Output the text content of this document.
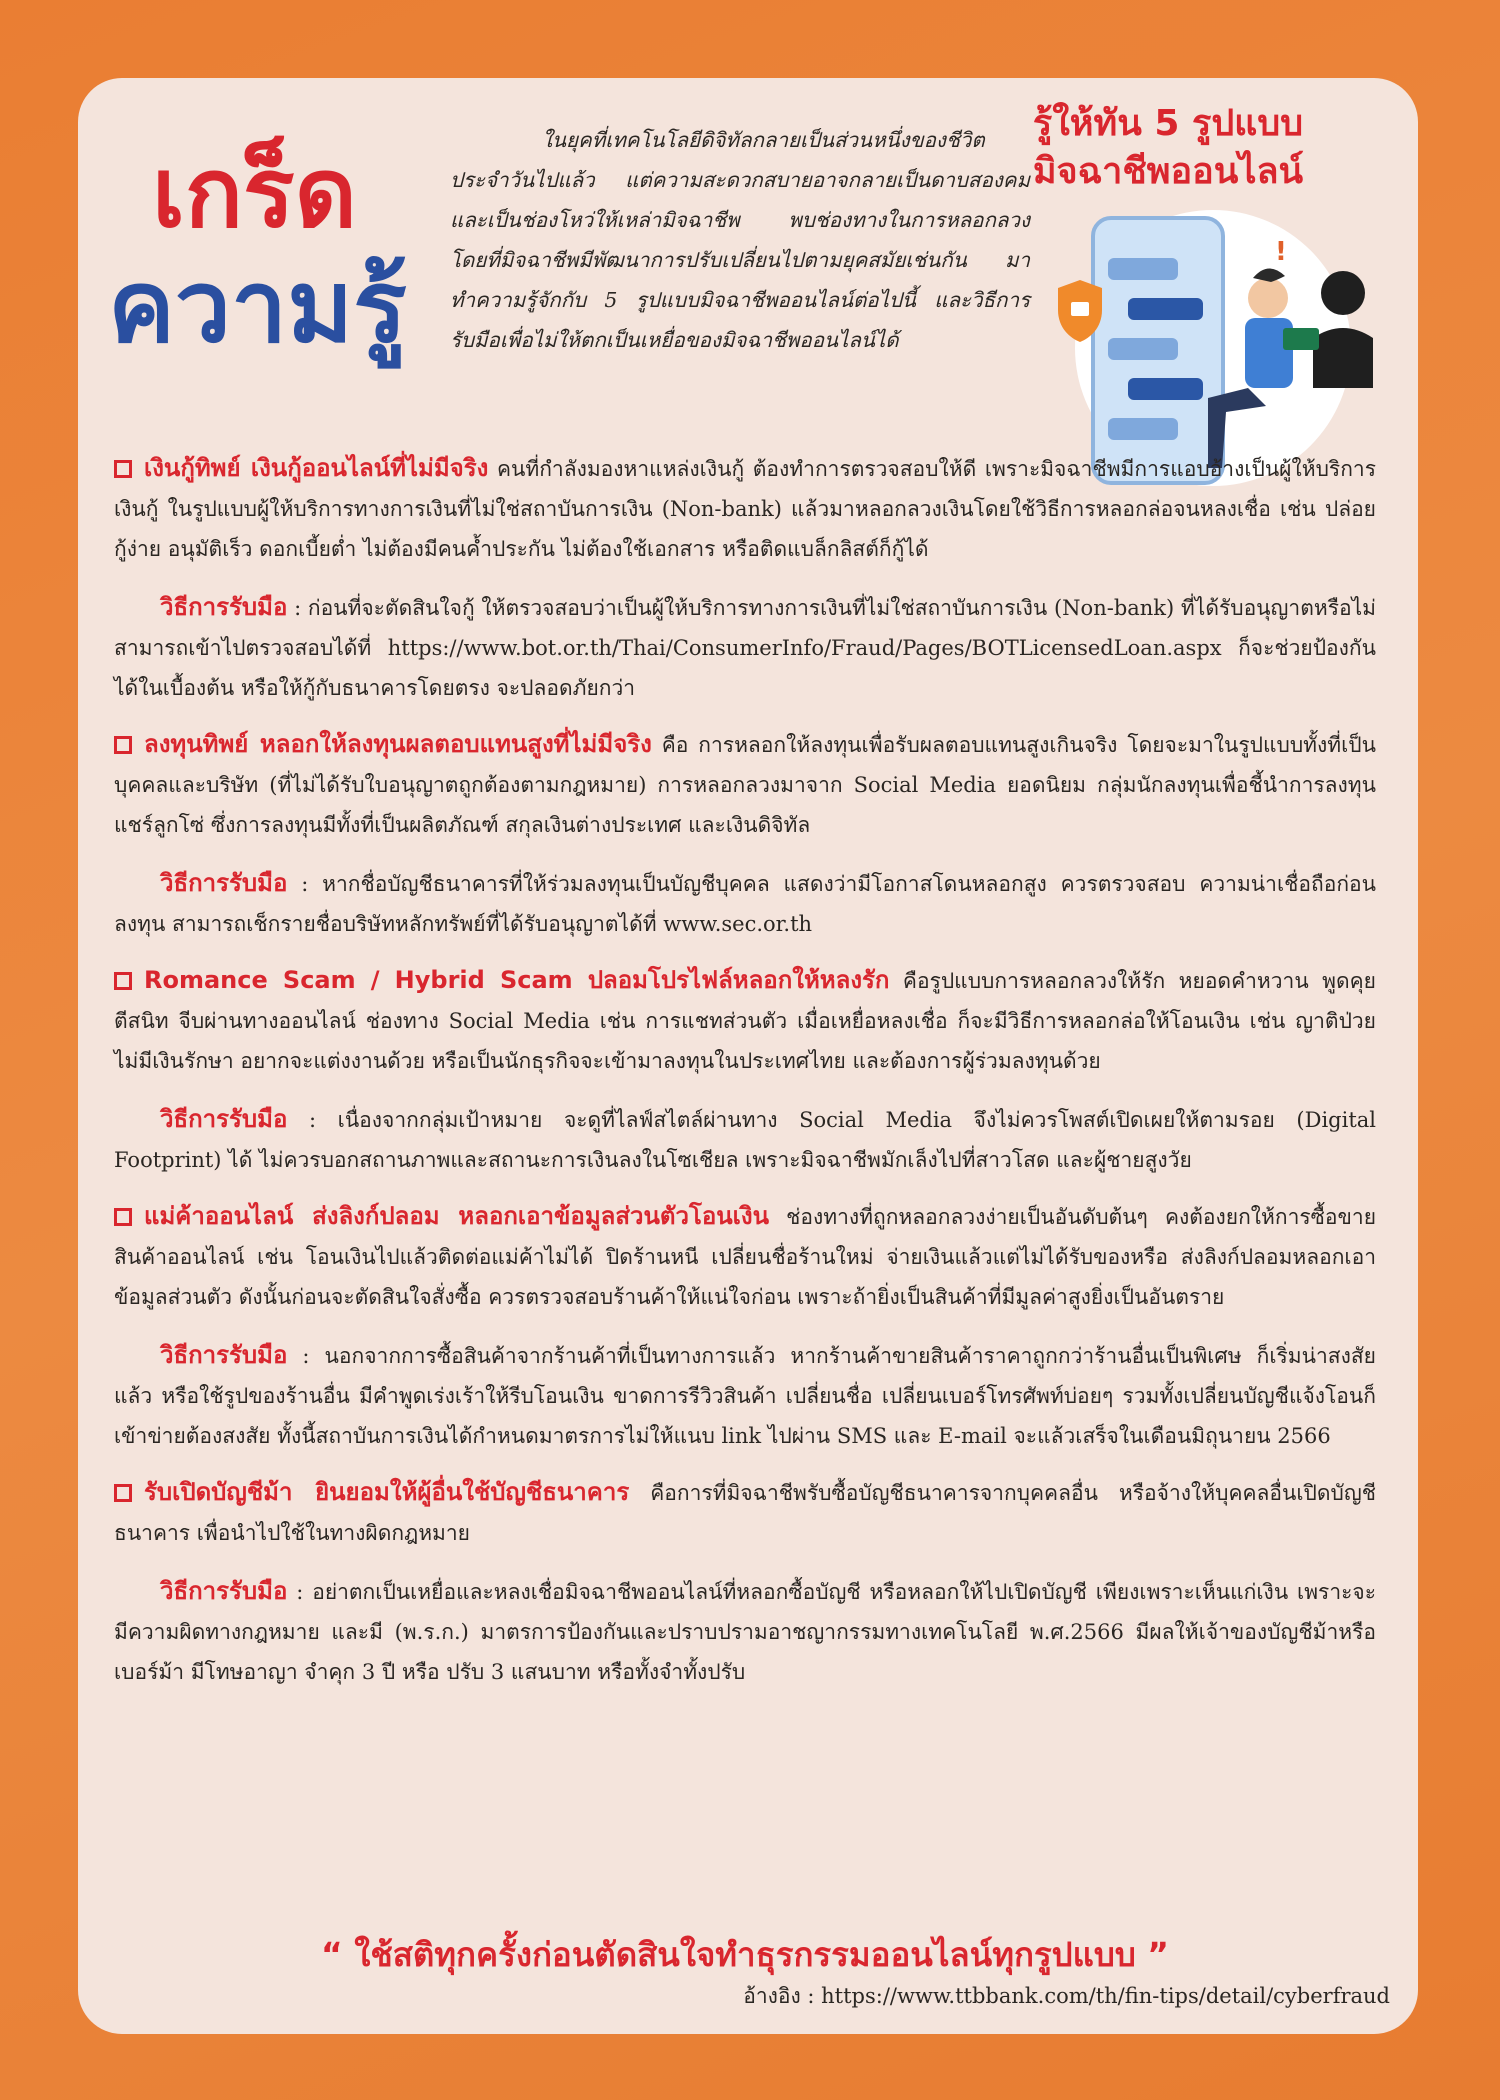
เกร็ด
ความร
ในยุคที่เทคโนโลยีดิจิทัลกลายเป็นส่วนหนึ่งของชีวิตประจำวันไปแล้ว แต่ความสะดวกสบายอาจกลายเป็นดาบสองคมและเป็นช่องโหว่ให้เหล่ามิจฉาชีพ พบช่องทางในการหลอกลวง โดยที่มิจฉาชีพมีพัฒนาการปรับเปลี่ยนไปตามยุคสมัยเช่นกัน มาทำความรู้จักกับ 5 รูปแบบมิจฉาชีพออนไลน์ต่อไปนี้ และวิธีการรับมือเพื่อไม่ให้ตกเป็นเหยื่อของมิจฉาชีพออนไลน์ได้
รู้ให้ทัน 5 รูปแบบ
มิจฉาชีพออนไลน์
!
เงินกู้ทิพย์ เงินกู้ออนไลน์ที่ไม่มีจริง คนที่กำลังมองหาแหล่งเงินกู้ ต้องทำการตรวจสอบให้ดี เพราะมิจฉาชีพมีการแอบอ้างเป็นผู้ให้บริการเงินกู้ ในรูปแบบผู้ให้บริการทางการเงินที่ไม่ใช่สถาบันการเงิน (Non-bank) แล้วมาหลอกลวงเงินโดยใช้วิธีการหลอกล่อจนหลงเชื่อ เช่น ปล่อยกู้ง่าย อนุมัติเร็ว ดอกเบี้ยต่ำ ไม่ต้องมีคนค้ำประกัน ไม่ต้องใช้เอกสาร หรือติดแบล็กลิสต์ก็กู้ได้
วิธีการรับมือ : ก่อนที่จะตัดสินใจกู้ ให้ตรวจสอบว่าเป็นผู้ให้บริการทางการเงินที่ไม่ใช่สถาบันการเงิน (Non-bank) ที่ได้รับอนุญาตหรือไม่ สามารถเข้าไปตรวจสอบได้ที่ https://www.bot.or.th/Thai/ConsumerInfo/Fraud/Pages/BOTLicensedLoan.aspx ก็จะช่วยป้องกันได้ในเบื้องต้น หรือให้กู้กับธนาคารโดยตรง จะปลอดภัยกว่า
ลงทุนทิพย์ หลอกให้ลงทุนผลตอบแทนสูงที่ไม่มีจริง คือ การหลอกให้ลงทุนเพื่อรับผลตอบแทนสูงเกินจริง โดยจะมาในรูปแบบทั้งที่เป็นบุคคลและบริษัท (ที่ไม่ได้รับใบอนุญาตถูกต้องตามกฎหมาย) การหลอกลวงมาจาก Social Media ยอดนิยม กลุ่มนักลงทุนเพื่อชี้นำการลงทุน แชร์ลูกโซ่ ซึ่งการลงทุนมีทั้งที่เป็นผลิตภัณฑ์ สกุลเงินต่างประเทศ และเงินดิจิทัล
วิธีการรับมือ : หากชื่อบัญชีธนาคารที่ให้ร่วมลงทุนเป็นบัญชีบุคคล แสดงว่ามีโอกาสโดนหลอกสูง ควรตรวจสอบ ความน่าเชื่อถือก่อนลงทุน สามารถเช็กรายชื่อบริษัทหลักทรัพย์ที่ได้รับอนุญาตได้ที่ www.sec.or.th
Romance Scam / Hybrid Scam ปลอมโปรไฟล์หลอกให้หลงรัก คือรูปแบบการหลอกลวงให้รัก หยอดคำหวาน พูดคุย ตีสนิท จีบผ่านทางออนไลน์ ช่องทาง Social Media เช่น การแชทส่วนตัว เมื่อเหยื่อหลงเชื่อ ก็จะมีวิธีการหลอกล่อให้โอนเงิน เช่น ญาติป่วยไม่มีเงินรักษา อยากจะแต่งงานด้วย หรือเป็นนักธุรกิจจะเข้ามาลงทุนในประเทศไทย และต้องการผู้ร่วมลงทุนด้วย
วิธีการรับมือ : เนื่องจากกลุ่มเป้าหมาย จะดูที่ไลฟ์สไตล์ผ่านทาง Social Media จึงไม่ควรโพสต์เปิดเผยให้ตามรอย (Digital Footprint) ได้ ไม่ควรบอกสถานภาพและสถานะการเงินลงในโซเชียล เพราะมิจฉาชีพมักเล็งไปที่สาวโสด และผู้ชายสูงวัย
แม่ค้าออนไลน์ ส่งลิงก์ปลอม หลอกเอาข้อมูลส่วนตัวโอนเงิน ช่องทางที่ถูกหลอกลวงง่ายเป็นอันดับต้นๆ คงต้องยกให้การซื้อขายสินค้าออนไลน์ เช่น โอนเงินไปแล้วติดต่อแม่ค้าไม่ได้ ปิดร้านหนี เปลี่ยนชื่อร้านใหม่ จ่ายเงินแล้วแต่ไม่ได้รับของหรือ ส่งลิงก์ปลอมหลอกเอาข้อมูลส่วนตัว ดังนั้นก่อนจะตัดสินใจสั่งซื้อ ควรตรวจสอบร้านค้าให้แน่ใจก่อน เพราะถ้ายิ่งเป็นสินค้าที่มีมูลค่าสูงยิ่งเป็นอันตราย
วิธีการรับมือ : นอกจากการซื้อสินค้าจากร้านค้าที่เป็นทางการแล้ว หากร้านค้าขายสินค้าราคาถูกกว่าร้านอื่นเป็นพิเศษ ก็เริ่มน่าสงสัยแล้ว หรือใช้รูปของร้านอื่น มีคำพูดเร่งเร้าให้รีบโอนเงิน ขาดการรีวิวสินค้า เปลี่ยนชื่อ เปลี่ยนเบอร์โทรศัพท์บ่อยๆ รวมทั้งเปลี่ยนบัญชีแจ้งโอนก็เข้าข่ายต้องสงสัย ทั้งนี้สถาบันการเงินได้กำหนดมาตรการไม่ให้แนบ link ไปผ่าน SMS และ E-mail จะแล้วเสร็จในเดือนมิถุนายน 2566
รับเปิดบัญชีม้า ยินยอมให้ผู้อื่นใช้บัญชีธนาคาร คือการที่มิจฉาชีพรับซื้อบัญชีธนาคารจากบุคคลอื่น หรือจ้างให้บุคคลอื่นเปิดบัญชีธนาคาร เพื่อนำไปใช้ในทางผิดกฎหมาย
วิธีการรับมือ : อย่าตกเป็นเหยื่อและหลงเชื่อมิจฉาชีพออนไลน์ที่หลอกซื้อบัญชี หรือหลอกให้ไปเปิดบัญชี เพียงเพราะเห็นแก่เงิน เพราะจะมีความผิดทางกฎหมาย และมี (พ.ร.ก.) มาตรการป้องกันและปราบปรามอาชญากรรมทางเทคโนโลยี พ.ศ.2566 มีผลให้เจ้าของบัญชีม้าหรือเบอร์ม้า มีโทษอาญา จำคุก 3 ปี หรือ ปรับ 3 แสนบาท หรือทั้งจำทั้งปรับ
“ ใช้สติทุกครั้งก่อนตัดสินใจทำธุรกรรมออนไลน์ทุกรูปแบบ ”
อ้างอิง : https://www.ttbbank.com/th/fin-tips/detail/cyberfraud
